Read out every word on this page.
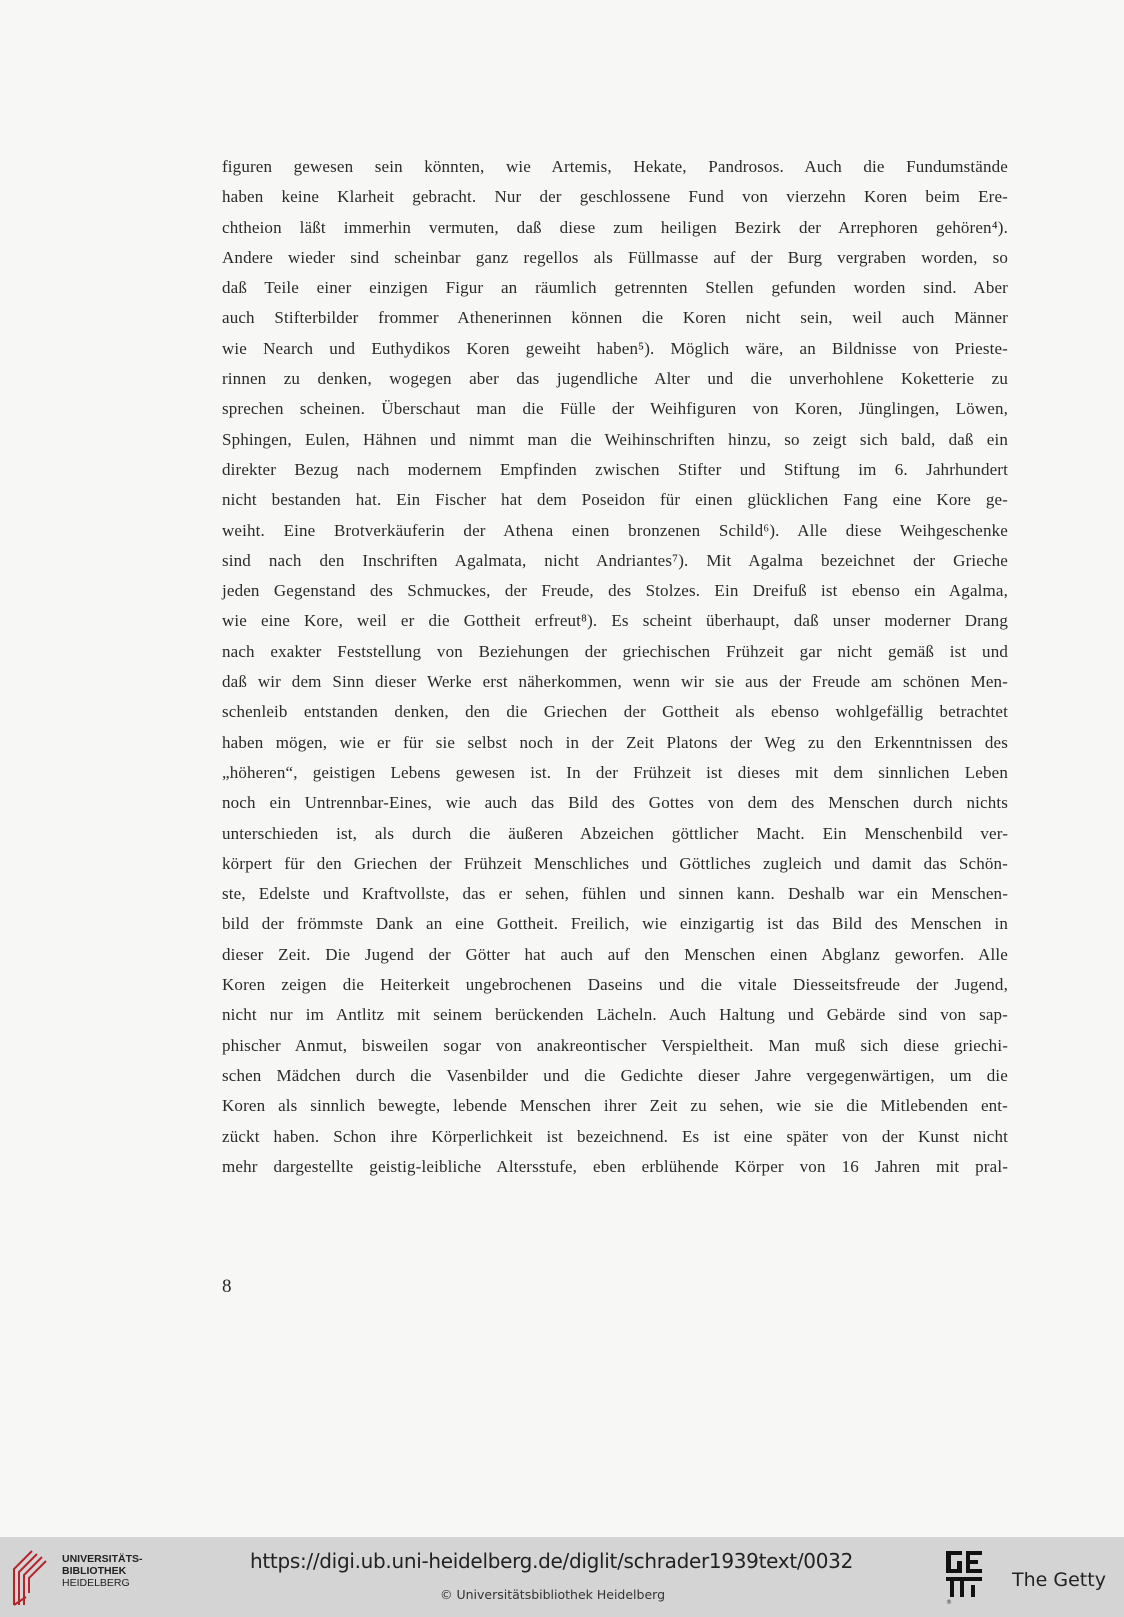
figuren gewesen sein könnten, wie Artemis, Hekate, Pandrosos. Auch die Fundumstände
haben keine Klarheit gebracht. Nur der geschlossene Fund von vierzehn Koren beim Ere-
chtheion läßt immerhin vermuten, daß diese zum heiligen Bezirk der Arrephoren gehören⁴).
Andere wieder sind scheinbar ganz regellos als Füllmasse auf der Burg vergraben worden, so
daß Teile einer einzigen Figur an räumlich getrennten Stellen gefunden worden sind. Aber
auch Stifterbilder frommer Athenerinnen können die Koren nicht sein, weil auch Männer
wie Nearch und Euthydikos Koren geweiht haben⁵). Möglich wäre, an Bildnisse von Prieste-
rinnen zu denken, wogegen aber das jugendliche Alter und die unverhohlene Koketterie zu
sprechen scheinen. Überschaut man die Fülle der Weihfiguren von Koren, Jünglingen, Löwen,
Sphingen, Eulen, Hähnen und nimmt man die Weihinschriften hinzu, so zeigt sich bald, daß ein
direkter Bezug nach modernem Empfinden zwischen Stifter und Stiftung im 6. Jahrhundert
nicht bestanden hat. Ein Fischer hat dem Poseidon für einen glücklichen Fang eine Kore ge-
weiht. Eine Brotverkäuferin der Athena einen bronzenen Schild⁶). Alle diese Weihgeschenke
sind nach den Inschriften Agalmata, nicht Andriantes⁷). Mit Agalma bezeichnet der Grieche
jeden Gegenstand des Schmuckes, der Freude, des Stolzes. Ein Dreifuß ist ebenso ein Agalma,
wie eine Kore, weil er die Gottheit erfreut⁸). Es scheint überhaupt, daß unser moderner Drang
nach exakter Feststellung von Beziehungen der griechischen Frühzeit gar nicht gemäß ist und
daß wir dem Sinn dieser Werke erst näherkommen, wenn wir sie aus der Freude am schönen Men-
schenleib entstanden denken, den die Griechen der Gottheit als ebenso wohlgefällig betrachtet
haben mögen, wie er für sie selbst noch in der Zeit Platons der Weg zu den Erkenntnissen des
„höheren“, geistigen Lebens gewesen ist. In der Frühzeit ist dieses mit dem sinnlichen Leben
noch ein Untrennbar-Eines, wie auch das Bild des Gottes von dem des Menschen durch nichts
unterschieden ist, als durch die äußeren Abzeichen göttlicher Macht. Ein Menschenbild ver-
körpert für den Griechen der Frühzeit Menschliches und Göttliches zugleich und damit das Schön-
ste, Edelste und Kraftvollste, das er sehen, fühlen und sinnen kann. Deshalb war ein Menschen-
bild der frömmste Dank an eine Gottheit. Freilich, wie einzigartig ist das Bild des Menschen in
dieser Zeit. Die Jugend der Götter hat auch auf den Menschen einen Abglanz geworfen. Alle
Koren zeigen die Heiterkeit ungebrochenen Daseins und die vitale Diesseitsfreude der Jugend,
nicht nur im Antlitz mit seinem berückenden Lächeln. Auch Haltung und Gebärde sind von sap-
phischer Anmut, bisweilen sogar von anakreontischer Verspieltheit. Man muß sich diese griechi-
schen Mädchen durch die Vasenbilder und die Gedichte dieser Jahre vergegenwärtigen, um die
Koren als sinnlich bewegte, lebende Menschen ihrer Zeit zu sehen, wie sie die Mitlebenden ent-
zückt haben. Schon ihre Körperlichkeit ist bezeichnend. Es ist eine später von der Kunst nicht
mehr dargestellte geistig-leibliche Altersstufe, eben erblühende Körper von 16 Jahren mit pral-
8
UNIVERSITÄTS-
BIBLIOTHEK
HEIDELBERG
https://digi.ub.uni-heidelberg.de/diglit/schrader1939text/0032
© Universitätsbibliothek Heidelberg
®
The Getty
